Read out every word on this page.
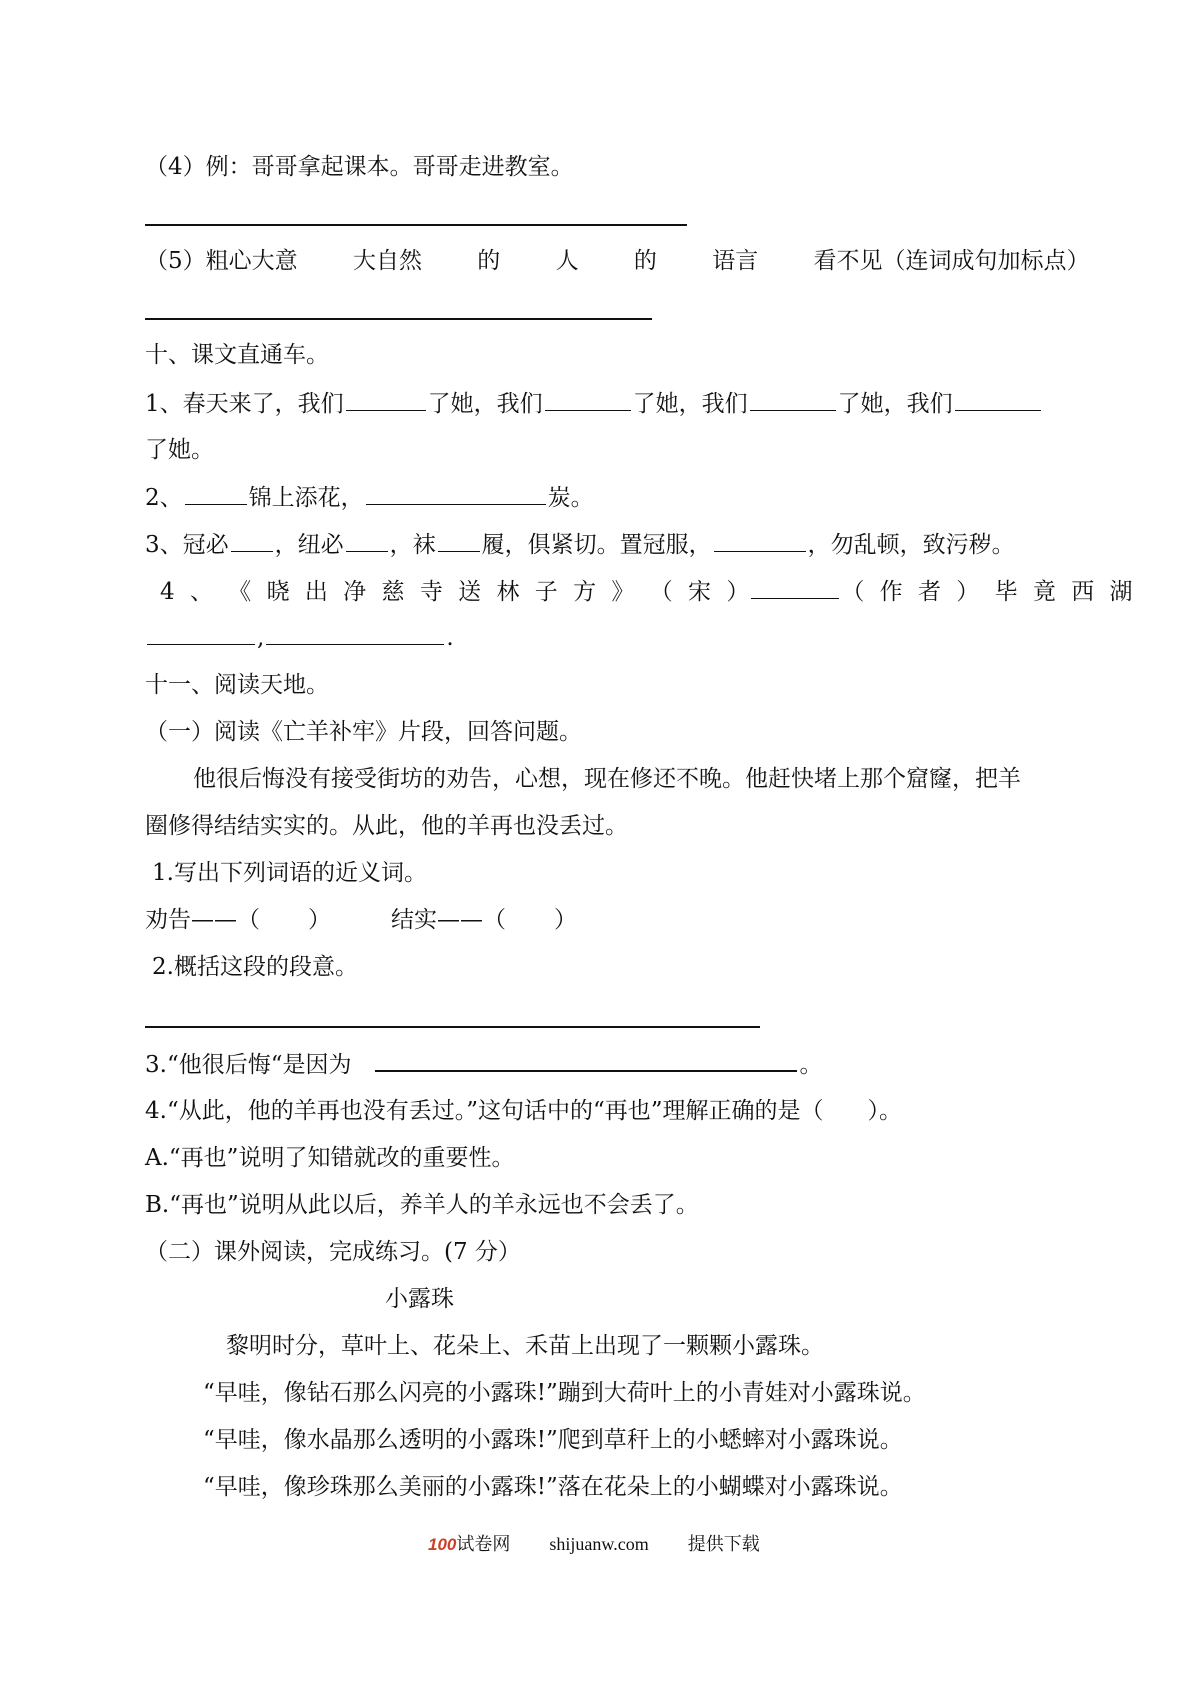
（4）例：哥哥拿起课本。哥哥走进教室。
（5）粗心大意 大自然 的 人 的 语言 看不见（连词成句加标点）
十、课文直通车。
1、春天来了，我们	了她，我们	了她，我们	了她，我们
了她。
2、	锦上添花，	炭。
3、冠必 ，纽必 ，袜 履，俱紧切。置冠服，	，勿乱顿，致污秽。
4 、 《 晓 出 净 慈 寺 送 林 子 方 》 （ 宋 ）	（ 作 者 ） 毕 竟 西 湖
,	.
十一、阅读天地。
（一）阅读《亡羊补牢》片段，回答问题。
他很后悔没有接受街坊的劝告，心想，现在修还不晚。他赶快堵上那个窟窿，把羊
圈修得结结实实的。从此，他的羊再也没丢过。
1.写出下列词语的近义词。
劝告——（ ）	结实——（ ）
2.概括这段的段意。
3.“他很后悔“是因为	。
4.“从此，他的羊再也没有丢过。”这句话中的“再也”理解正确的是（ ）。
A.“再也”说明了知错就改的重要性。
B.“再也”说明从此以后，养羊人的羊永远也不会丢了。
（二）课外阅读，完成练习。(7 分）
小露珠
黎明时分，草叶上、花朵上、禾苗上出现了一颗颗小露珠。
“早哇，像钻石那么闪亮的小露珠!”蹦到大荷叶上的小青娃对小露珠说。
“早哇，像水晶那么透明的小露珠!”爬到草秆上的小蟋蟀对小露珠说。
“早哇，像珍珠那么美丽的小露珠!”落在花朵上的小蝴蝶对小露珠说。
100试卷网 shijuanw.com 提供下载
